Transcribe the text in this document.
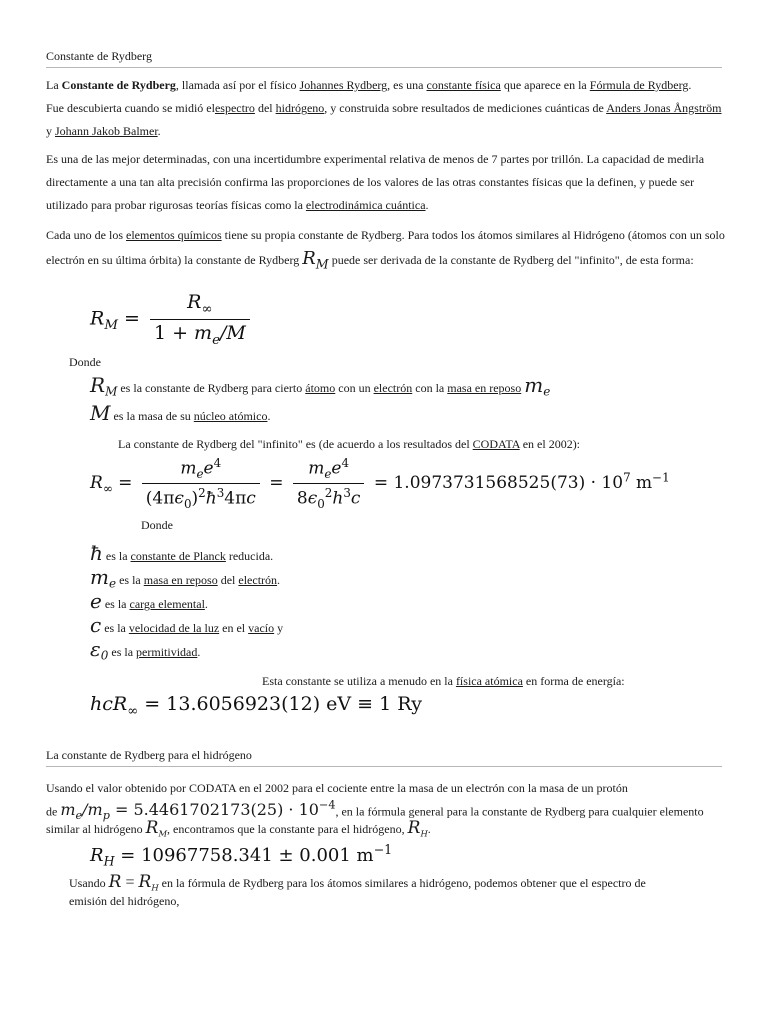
Constante de Rydberg

La Constante de Rydberg, llamada así por el físico Johannes Rydberg, es una constante física que aparece en la Fórmula de Rydberg.
Fue descubierta cuando se midió elespectro del hidrógeno, y construida sobre resultados de mediciones cuánticas de Anders Jonas Ångström y Johann Jakob Balmer.

Es una de las mejor determinadas, con una incertidumbre experimental relativa de menos de 7 partes por trillón. La capacidad de medirla directamente a una tan alta precisión confirma las proporciones de los valores de las otras constantes físicas que la definen, y puede ser utilizado para probar rigurosas teorías físicas como la electrodinámica cuántica.

Cada uno de los elementos químicos tiene su propia constante de Rydberg. Para todos los átomos similares al Hidrógeno (átomos con un solo electrón en su última órbita) la constante de Rydberg $R_M$ puede ser derivada de la constante de Rydberg del "infinito", de esta forma:

$R_M = \frac{R_\infty}{1 + m_e/M}$
Donde
$R_M$ es la constante de Rydberg para cierto átomo con un electrón con la masa en reposo $m_e$
M es la masa de su núcleo atómico.
La constante de Rydberg del "infinito" es (de acuerdo a los resultados del CODATA en el 2002):
$R_\infty = \frac{m_ee^4}{(4\pi\epsilon_0)^2ħ^34\pi c} = \frac{m_ee^4}{8\epsilon_0^2h^3c} = 1.0973731568525(73) \cdot 10^7$ $m^{-1}$
Donde
ħ es la constante de Planck reducida.
$m_e$ es la masa en reposo del electrón.
e es la carga elemental.
c es la velocidad de la luz en el vacío y
$\varepsilon_0$ es la permitividad.
Esta constante se utiliza a menudo en la física atómica en forma de energía:
hcR$_\infty$ = 13.6056923(12) eV ≡ 1 Ry
La constante de Rydberg para el hidrógeno
Usando el valor obtenido por CODATA en el 2002 para el cociente entre la masa de un electrón con la masa de un protón
de $m_e/m_p = 5.4461702173(25) \cdot 10^{-4}$, en la fórmula general para la constante de Rydberg para cualquier elemento
similar al hidrógeno $R_M$, encontramos que la constante para el hidrógeno, $R_H$.
$R_H = 10967758.341 \pm 0.001$ $m^{-1}$
Usando $R = R_H$ en la fórmula de Rydberg para los átomos similares a hidrógeno, podemos obtener que el espectro de
emisión del hidrógeno,
